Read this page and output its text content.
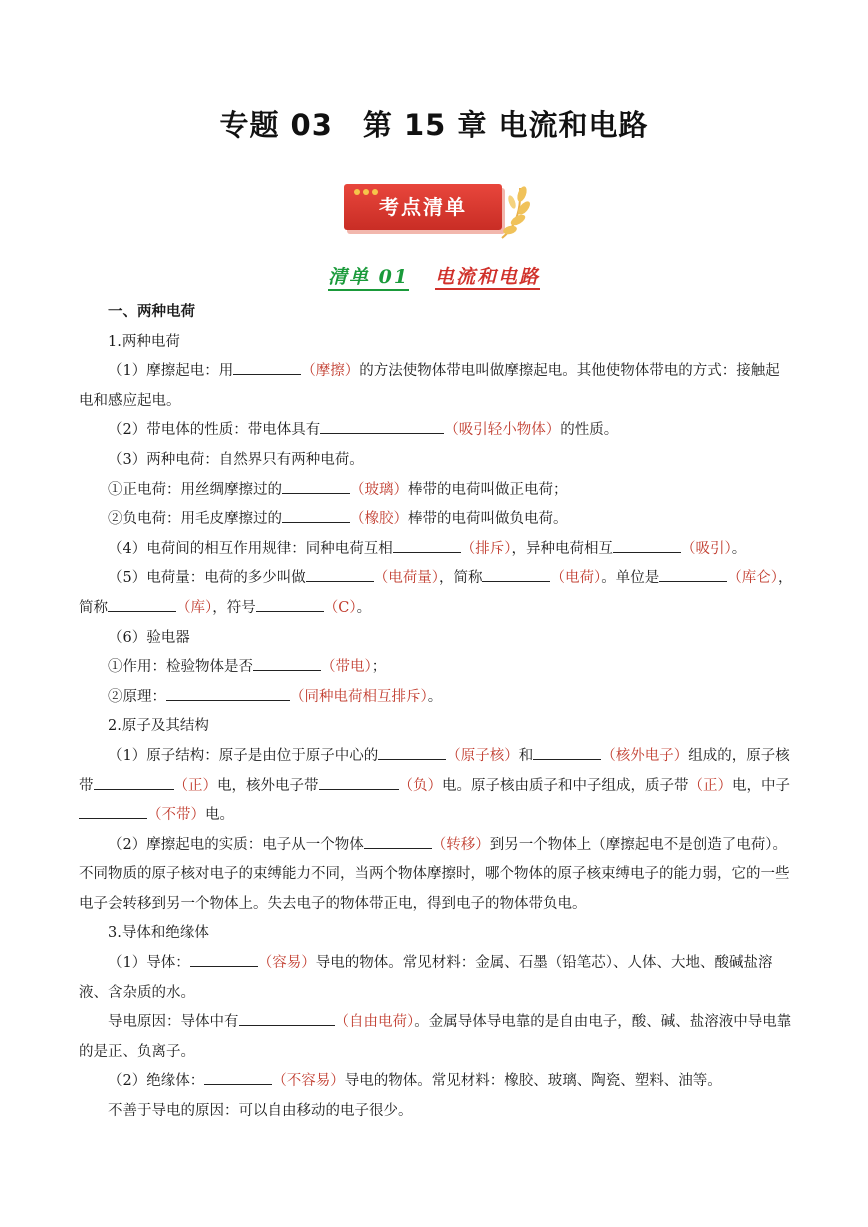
专题 03　第 15 章 电流和电路
考点清单
清单 01 电流和电路

一、两种电荷

1.两种电荷

（1）摩擦起电：用	（摩擦）的方法使物体带电叫做摩擦起电。其他使物体带电的方式：接触起电和感应起电。

（2）带电体的性质：带电体具有	（吸引轻小物体）的性质。

（3）两种电荷：自然界只有两种电荷。

①正电荷：用丝绸摩擦过的	（玻璃）棒带的电荷叫做正电荷；

②负电荷：用毛皮摩擦过的	（橡胶）棒带的电荷叫做负电荷。

（4）电荷间的相互作用规律：同种电荷互相	（排斥），异种电荷相互	（吸引）。

（5）电荷量：电荷的多少叫做	（电荷量），简称	（电荷）。单位是	（库仑），简称	（库），符号	（C）。

（6）验电器

①作用：检验物体是否	（带电）；

②原理：	（同种电荷相互排斥）。

2.原子及其结构

（1）原子结构：原子是由位于原子中心的	（原子核）和	（核外电子）组成的，原子核带	（正）电，核外电子带	（负）电。原子核由质子和中子组成，质子带（正）电，中子（不带）电。

（2）摩擦起电的实质：电子从一个物体	（转移）到另一个物体上（摩擦起电不是创造了电荷）。不同物质的原子核对电子的束缚能力不同，当两个物体摩擦时，哪个物体的原子核束缚电子的能力弱，它的一些电子会转移到另一个物体上。失去电子的物体带正电，得到电子的物体带负电。

3.导体和绝缘体

（1）导体：	（容易）导电的物体。常见材料：金属、石墨（铅笔芯）、人体、大地、酸碱盐溶液、含杂质的水。

导电原因：导体中有	（自由电荷）。金属导体导电靠的是自由电子，酸、碱、盐溶液中导电靠的是正、负离子。

（2）绝缘体：	（不容易）导电的物体。常见材料：橡胶、玻璃、陶瓷、塑料、油等。

不善于导电的原因：可以自由移动的电子很少。
